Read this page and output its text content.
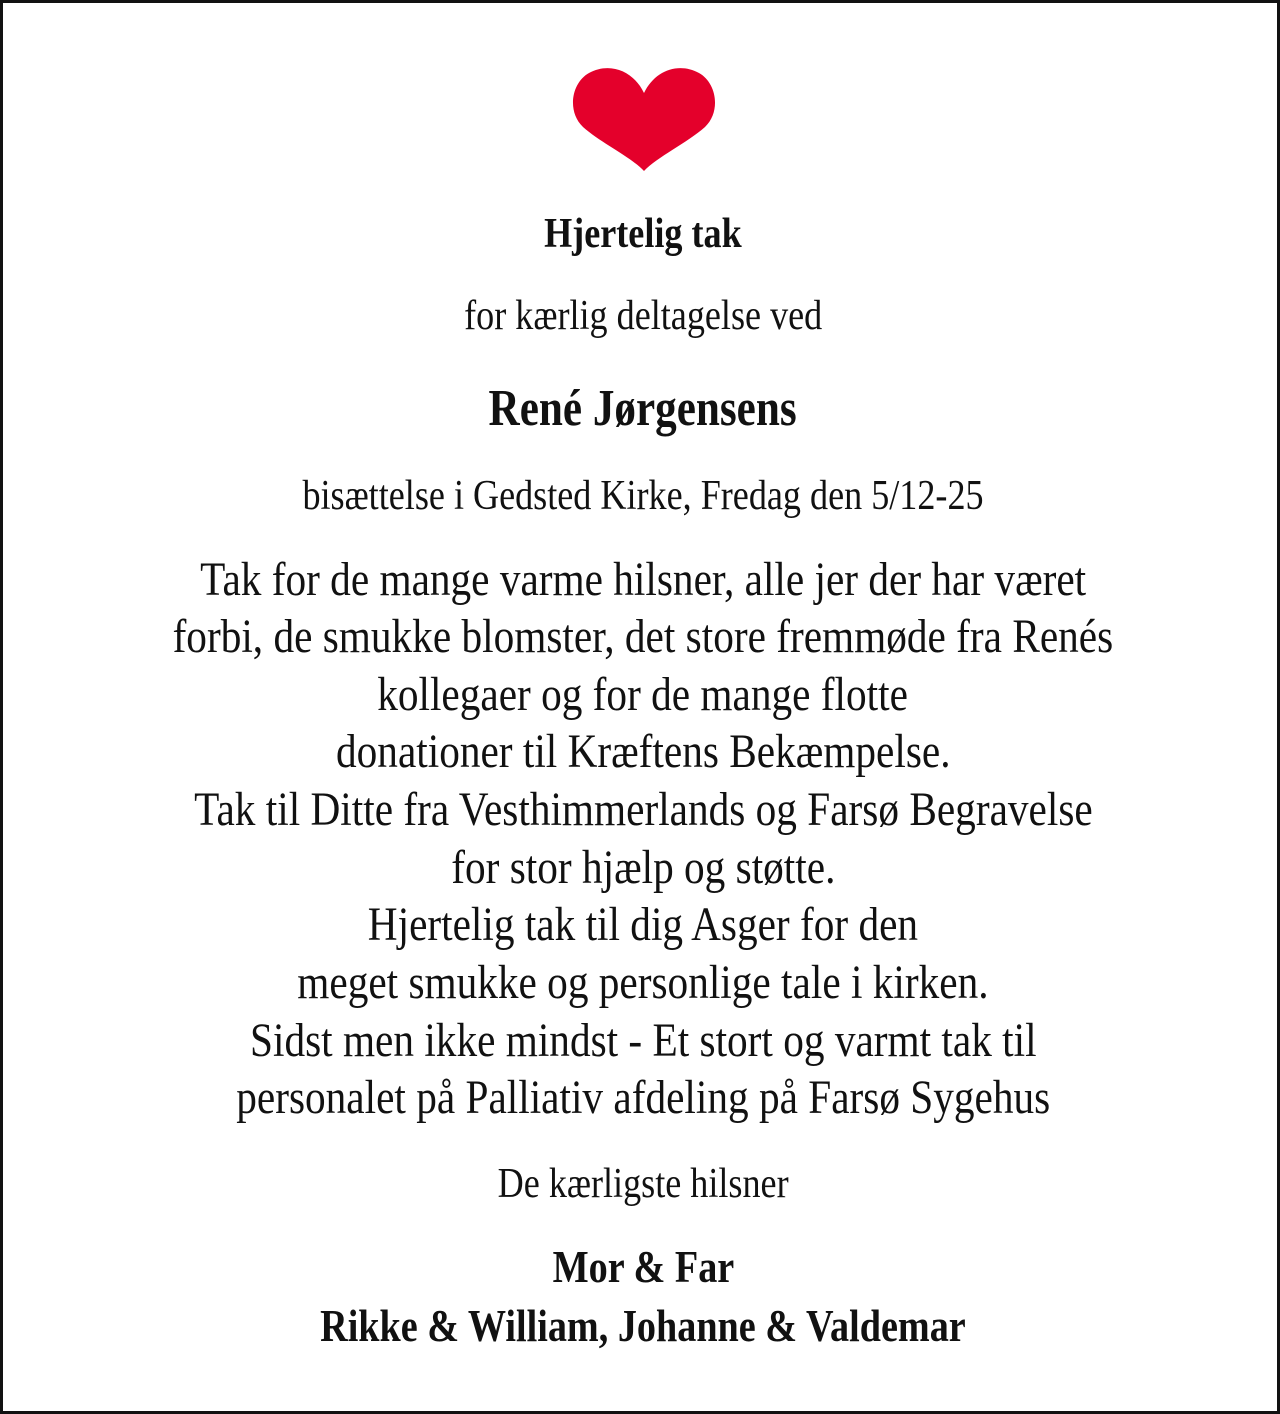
Hjertelig tak
for kærlig deltagelse ved
René Jørgensens
bisættelse i Gedsted Kirke, Fredag den 5/12-25
Tak for de mange varme hilsner, alle jer der har været
forbi, de smukke blomster, det store fremmøde fra Renés
kollegaer og for de mange flotte
donationer til Kræftens Bekæmpelse.
Tak til Ditte fra Vesthimmerlands og Farsø Begravelse
for stor hjælp og støtte.
Hjertelig tak til dig Asger for den
meget smukke og personlige tale i kirken.
Sidst men ikke mindst - Et stort og varmt tak til
personalet på Palliativ afdeling på Farsø Sygehus
De kærligste hilsner
Mor & Far
Rikke & William, Johanne & Valdemar
